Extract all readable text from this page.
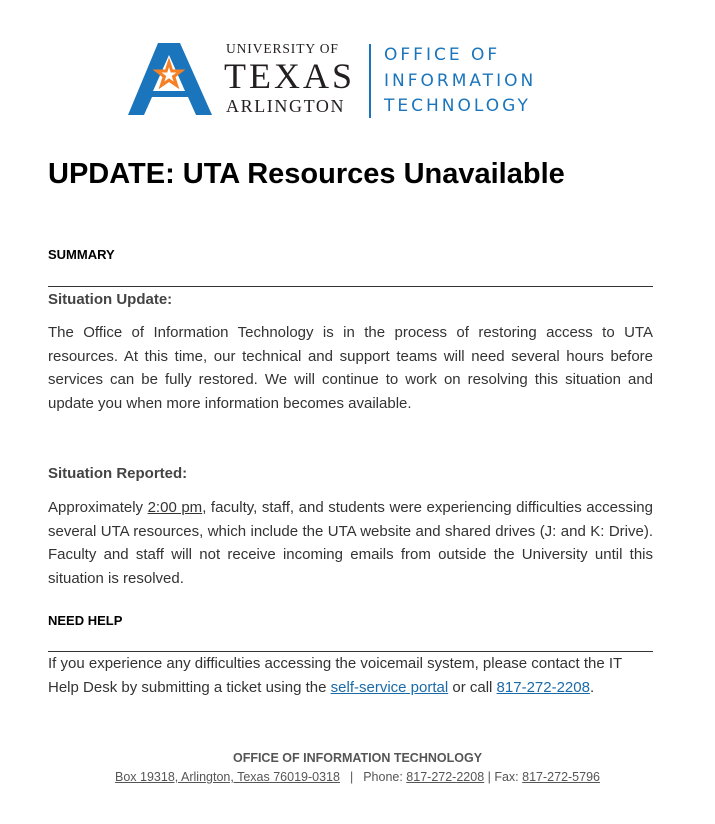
UNIVERSITY OF
TEXAS
ARLINGTON
OFFICE OF
INFORMATION
TECHNOLOGY
UPDATE: UTA Resources Unavailable
SUMMARY
Situation Update:
The Office of Information Technology is in the process of restoring access to UTA resources. At this time, our technical and support teams will need several hours before services can be fully restored. We will continue to work on resolving this situation and update you when more information becomes available.
Situation Reported:
Approximately 2:00 pm, faculty, staff, and students were experiencing difficulties accessing several UTA resources, which include the UTA website and shared drives (J: and K: Drive). Faculty and staff will not receive incoming emails from outside the University until this situation is resolved.
NEED HELP
If you experience any difficulties accessing the voicemail system, please contact the IT Help Desk by submitting a ticket using the self-service portal or call 817-272-2208.
OFFICE OF INFORMATION TECHNOLOGY
Box 19318, Arlington, Texas 76019-0318 | Phone: 817-272-2208 | Fax: 817-272-5796
